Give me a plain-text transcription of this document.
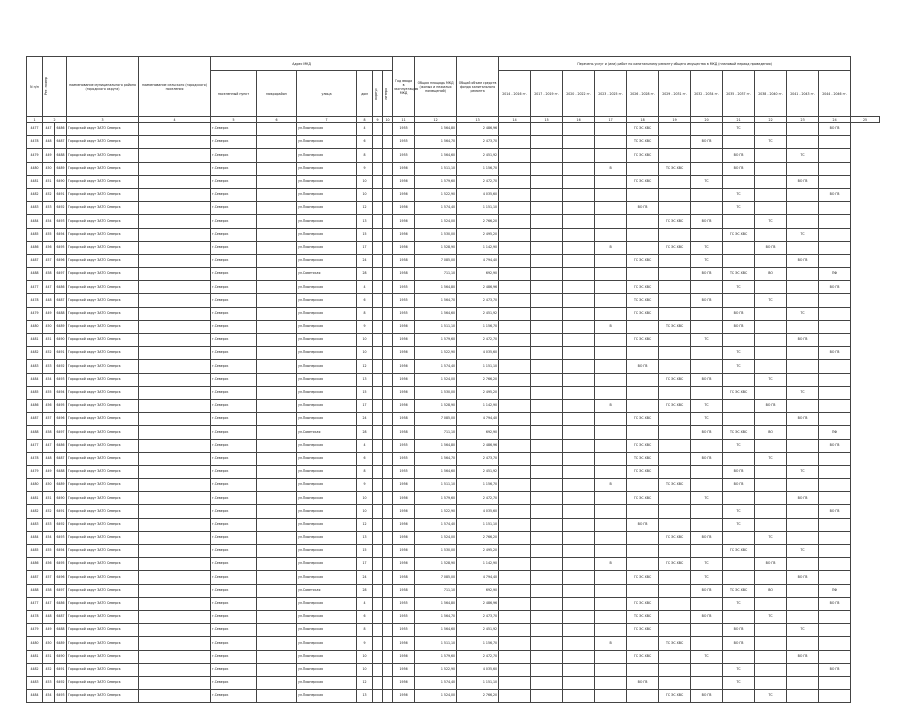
N п/п	Рег. номер		наименование муниципального района (городского округа)	наименование сельского (городского) поселения	Адрес МКД						Год ввода в эксплуатацию МКД	Общая площадь МКД (жилых и нежилых помещений)	Общий объем средств фонда капитального ремонта	Перечень услуг и (или) работ по капитальному ремонту общего имущества в МКД (плановый период проведения)											
					населенный пункт	микрорайон	улица	дом	корпус	литера				2014 - 2016 гг.	2017 - 2019 гг.	2020 - 2022 гг.	2023 - 2025 гг.	2026 - 2028 гг.	2029 - 2031 гг.	2032 - 2034 гг.	2035 - 2037 гг.	2038 - 2040 гг.	2041 - 2043 гг.	2044 - 2046 гг.	

1	2		3	4	5	6	7	8	9	10	11	12	13	14	15	16	17	18	19	20	21	22	23	24	25
4477	447	6486	Городской округ ЗАТО Северск		г.Северск		ул.Пионерская	4			1955	1 564,80	2 486,96					ГС ЭС ХВС			ТС			ВО ГВ	
4478	448	6487	Городской округ ЗАТО Северск		г.Северск		ул.Пионерская	6			1955	1 564,70	2 473,70					ТС ЭС ХВС		ВО ГВ		ТС			
4479	449	6488	Городской округ ЗАТО Северск		г.Северск		ул.Пионерская	8			1955	1 564,60	2 451,92					ГС ЭС ХВС			ВО ГВ		ТС		
4480	450	6489	Городской округ ЗАТО Северск		г.Северск		ул.Пионерская	9			1956	1 511,10	1 156,70				В		ТС ЭС ХВС		ВО ГВ				
4481	451	6490	Городской округ ЗАТО Северск		г.Северск		ул.Пионерская	10			1956	1 579,60	2 472,70					ГС ЭС ХВС		ТС			ВО ГВ		
4482	452	6491	Городской округ ЗАТО Северск		г.Северск		ул.Пионерская	10			1956	1 522,90	4 035,60								ТС			ВО ГВ	
4483	453	6492	Городской округ ЗАТО Северск		г.Северск		ул.Пионерская	12			1956	1 574,40	1 151,10					ВО ГВ			ТС				
4484	454	6493	Городской округ ЗАТО Северск		г.Северск		ул.Пионерская	13			1956	1 524,00	2 766,20						ГС ЭС ХВС	ВО ГВ		ТС			
4485	455	6494	Городской округ ЗАТО Северск		г.Северск		ул.Пионерская	15			1956	1 530,00	2 495,20								ГС ЭС ХВС		ТС		
4486	456	6495	Городской округ ЗАТО Северск		г.Северск		ул.Пионерская	17			1956	1 528,90	1 142,90				В		ГС ЭС ХВС	ТС		ВО ГВ			
4487	457	6496	Городской округ ЗАТО Северск		г.Северск		ул.Пионерская	24			1958	7 085,00	4 794,40					ГС ЭС ХВС		ТС			ВО ГВ		
4488	458	6497	Городской округ ЗАТО Северск		г.Северск		ул.Советская	28			1958	711,10	692,90							ВО ГВ	ТС ЭС ХВС	ВО		ПФ	
4477	447	6486	Городской округ ЗАТО Северск		г.Северск		ул.Пионерская	4			1955	1 564,80	2 486,96					ГС ЭС ХВС			ТС			ВО ГВ	
4478	448	6487	Городской округ ЗАТО Северск		г.Северск		ул.Пионерская	6			1955	1 564,70	2 473,70					ТС ЭС ХВС		ВО ГВ		ТС			
4479	449	6488	Городской округ ЗАТО Северск		г.Северск		ул.Пионерская	8			1955	1 564,60	2 451,92					ГС ЭС ХВС			ВО ГВ		ТС		
4480	450	6489	Городской округ ЗАТО Северск		г.Северск		ул.Пионерская	9			1956	1 511,10	1 156,70				В		ТС ЭС ХВС		ВО ГВ				
4481	451	6490	Городской округ ЗАТО Северск		г.Северск		ул.Пионерская	10			1956	1 579,60	2 472,70					ГС ЭС ХВС		ТС			ВО ГВ		
4482	452	6491	Городской округ ЗАТО Северск		г.Северск		ул.Пионерская	10			1956	1 522,90	4 035,60								ТС			ВО ГВ	
4483	453	6492	Городской округ ЗАТО Северск		г.Северск		ул.Пионерская	12			1956	1 574,40	1 151,10					ВО ГВ			ТС				
4484	454	6493	Городской округ ЗАТО Северск		г.Северск		ул.Пионерская	13			1956	1 524,00	2 766,20						ГС ЭС ХВС	ВО ГВ		ТС			
4485	455	6494	Городской округ ЗАТО Северск		г.Северск		ул.Пионерская	15			1956	1 530,00	2 495,20								ГС ЭС ХВС		ТС		
4486	456	6495	Городской округ ЗАТО Северск		г.Северск		ул.Пионерская	17			1956	1 528,90	1 142,90				В		ГС ЭС ХВС	ТС		ВО ГВ			
4487	457	6496	Городской округ ЗАТО Северск		г.Северск		ул.Пионерская	24			1958	7 085,00	4 794,40					ГС ЭС ХВС		ТС			ВО ГВ		
4488	458	6497	Городской округ ЗАТО Северск		г.Северск		ул.Советская	28			1958	711,10	692,90							ВО ГВ	ТС ЭС ХВС	ВО		ПФ	
4477	447	6486	Городской округ ЗАТО Северск		г.Северск		ул.Пионерская	4			1955	1 564,80	2 486,96					ГС ЭС ХВС			ТС			ВО ГВ	
4478	448	6487	Городской округ ЗАТО Северск		г.Северск		ул.Пионерская	6			1955	1 564,70	2 473,70					ТС ЭС ХВС		ВО ГВ		ТС			
4479	449	6488	Городской округ ЗАТО Северск		г.Северск		ул.Пионерская	8			1955	1 564,60	2 451,92					ГС ЭС ХВС			ВО ГВ		ТС		
4480	450	6489	Городской округ ЗАТО Северск		г.Северск		ул.Пионерская	9			1956	1 511,10	1 156,70				В		ТС ЭС ХВС		ВО ГВ				
4481	451	6490	Городской округ ЗАТО Северск		г.Северск		ул.Пионерская	10			1956	1 579,60	2 472,70					ГС ЭС ХВС		ТС			ВО ГВ		
4482	452	6491	Городской округ ЗАТО Северск		г.Северск		ул.Пионерская	10			1956	1 522,90	4 035,60								ТС			ВО ГВ	
4483	453	6492	Городской округ ЗАТО Северск		г.Северск		ул.Пионерская	12			1956	1 574,40	1 151,10					ВО ГВ			ТС				
4484	454	6493	Городской округ ЗАТО Северск		г.Северск		ул.Пионерская	13			1956	1 524,00	2 766,20						ГС ЭС ХВС	ВО ГВ		ТС			
4485	455	6494	Городской округ ЗАТО Северск		г.Северск		ул.Пионерская	15			1956	1 530,00	2 495,20								ГС ЭС ХВС		ТС		
4486	456	6495	Городской округ ЗАТО Северск		г.Северск		ул.Пионерская	17			1956	1 528,90	1 142,90				В		ГС ЭС ХВС	ТС		ВО ГВ			
4487	457	6496	Городской округ ЗАТО Северск		г.Северск		ул.Пионерская	24			1958	7 085,00	4 794,40					ГС ЭС ХВС		ТС			ВО ГВ		
4488	458	6497	Городской округ ЗАТО Северск		г.Северск		ул.Советская	28			1958	711,10	692,90							ВО ГВ	ТС ЭС ХВС	ВО		ПФ	
4477	447	6486	Городской округ ЗАТО Северск		г.Северск		ул.Пионерская	4			1955	1 564,80	2 486,96					ГС ЭС ХВС			ТС			ВО ГВ	
4478	448	6487	Городской округ ЗАТО Северск		г.Северск		ул.Пионерская	6			1955	1 564,70	2 473,70					ТС ЭС ХВС		ВО ГВ		ТС			
4479	449	6488	Городской округ ЗАТО Северск		г.Северск		ул.Пионерская	8			1955	1 564,60	2 451,92					ГС ЭС ХВС			ВО ГВ		ТС		
4480	450	6489	Городской округ ЗАТО Северск		г.Северск		ул.Пионерская	9			1956	1 511,10	1 156,70				В		ТС ЭС ХВС		ВО ГВ				
4481	451	6490	Городской округ ЗАТО Северск		г.Северск		ул.Пионерская	10			1956	1 579,60	2 472,70					ГС ЭС ХВС		ТС			ВО ГВ		
4482	452	6491	Городской округ ЗАТО Северск		г.Северск		ул.Пионерская	10			1956	1 522,90	4 035,60								ТС			ВО ГВ	
4483	453	6492	Городской округ ЗАТО Северск		г.Северск		ул.Пионерская	12			1956	1 574,40	1 151,10					ВО ГВ			ТС				
4484	454	6493	Городской округ ЗАТО Северск		г.Северск		ул.Пионерская	13			1956	1 524,00	2 766,20						ГС ЭС ХВС	ВО ГВ		ТС			
